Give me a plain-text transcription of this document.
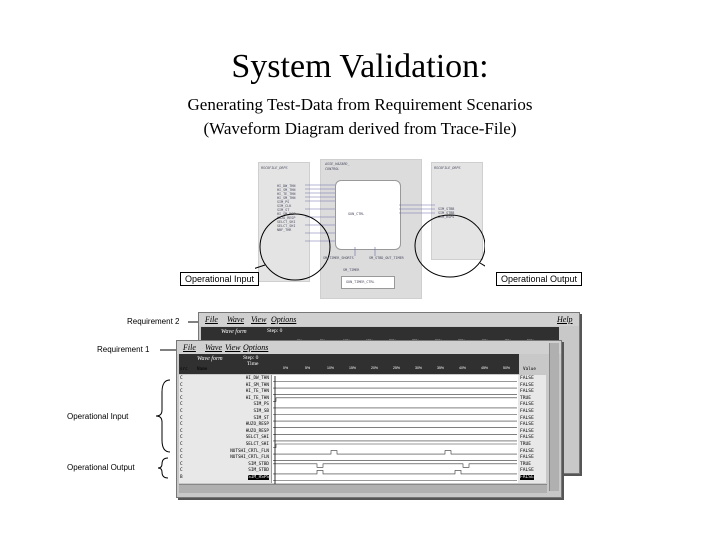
System Validation:
Generating Test-Data from Requirement Scenarios
(Waveform Diagram derived from Trace-File)
RSCOFILE_DRPS
HI_DW_THN
HI_SM_THN
HI_TE_THN
HI_SM_THN
SIM_PS
SIM_CLK
SIM_ST
HI_SM_RSP
HUZO_RESP
SELCT_SHI
SELCT_SHI
NBF_THR
ASSE_HAZARD_
CONTROL
GUN_CTRL
SM_TIMER_SHORTS	SM_STBD_OUT_TIMER
SM_TIMER
GUN_TIMER_CTRL
RSCOFILE_DRPS
SIM_STBB
SIM_STBB
SIM_RSPS
Operational Input	Operational Output
Requirement 2
Requirement 1
Operational Input
Operational Output
File Wave View Options	Help
Wave form	Step: 0
File Wave View Options
Wave form	Step: 0
Time
0%	5%	10%	15%	20%	25%	30%	35%	40%	45%	50%
src Name	Value
C	HI_DW_THN	FALSE
C	HI_SM_THN	FALSE
C	HI_TE_THN	FALSE
C	HI_TE_THN	TRUE
C	SIM_PS	FALSE
C	SIM_SB	FALSE
C	SIM_ST	FALSE
C	HUZO_RESP	FALSE
C	HUZO_RESP	FALSE
C	SELCT_SHI	FALSE
C	SELCT_SHI	TRUE
C	NUTSHI_CRTL_FLN	FALSE
C	NUTSHI_CRTL_FLN	FALSE
C	SIM_STBD	TRUE
C	SIM_STBD	FALSE
B	SIM_RSPS	FALSE
